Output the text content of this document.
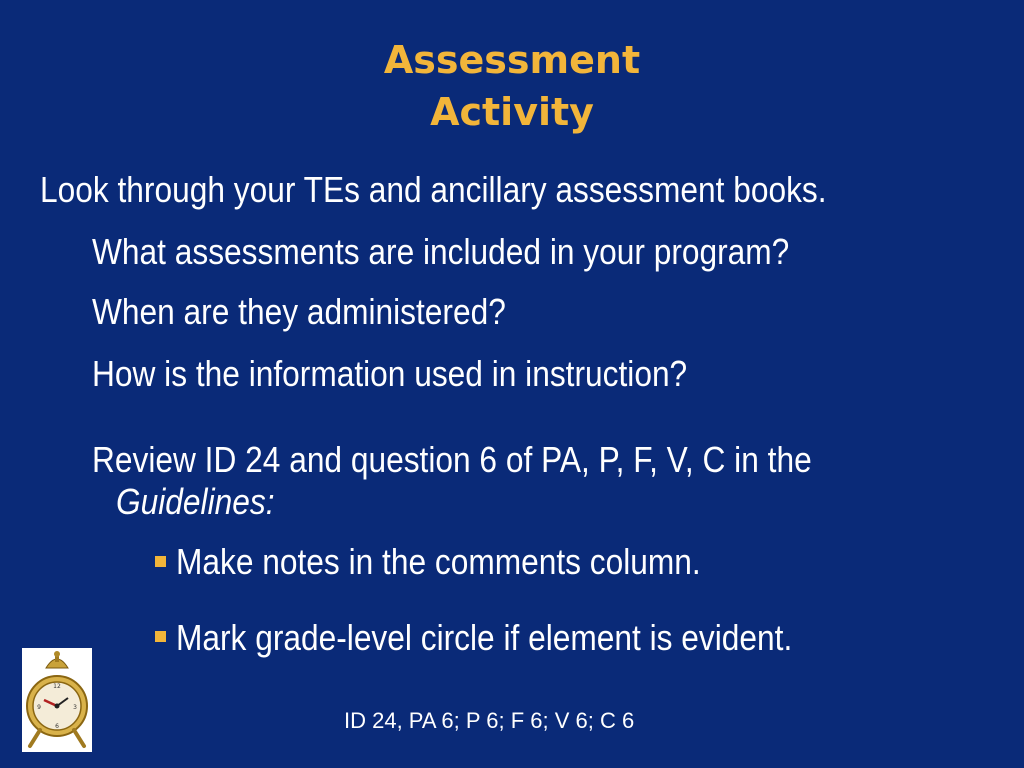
Assessment
Activity
Look through your TEs and ancillary assessment books.
What assessments are included in your program?
When are they administered?
How is the information used in instruction?
Review ID 24 and question 6 of PA, P, F, V, C in the
Guidelines:
Make notes in the comments column.
Mark grade-level circle if element is evident.
12
3
6
9
ID 24, PA 6; P 6; F 6; V 6; C 6
